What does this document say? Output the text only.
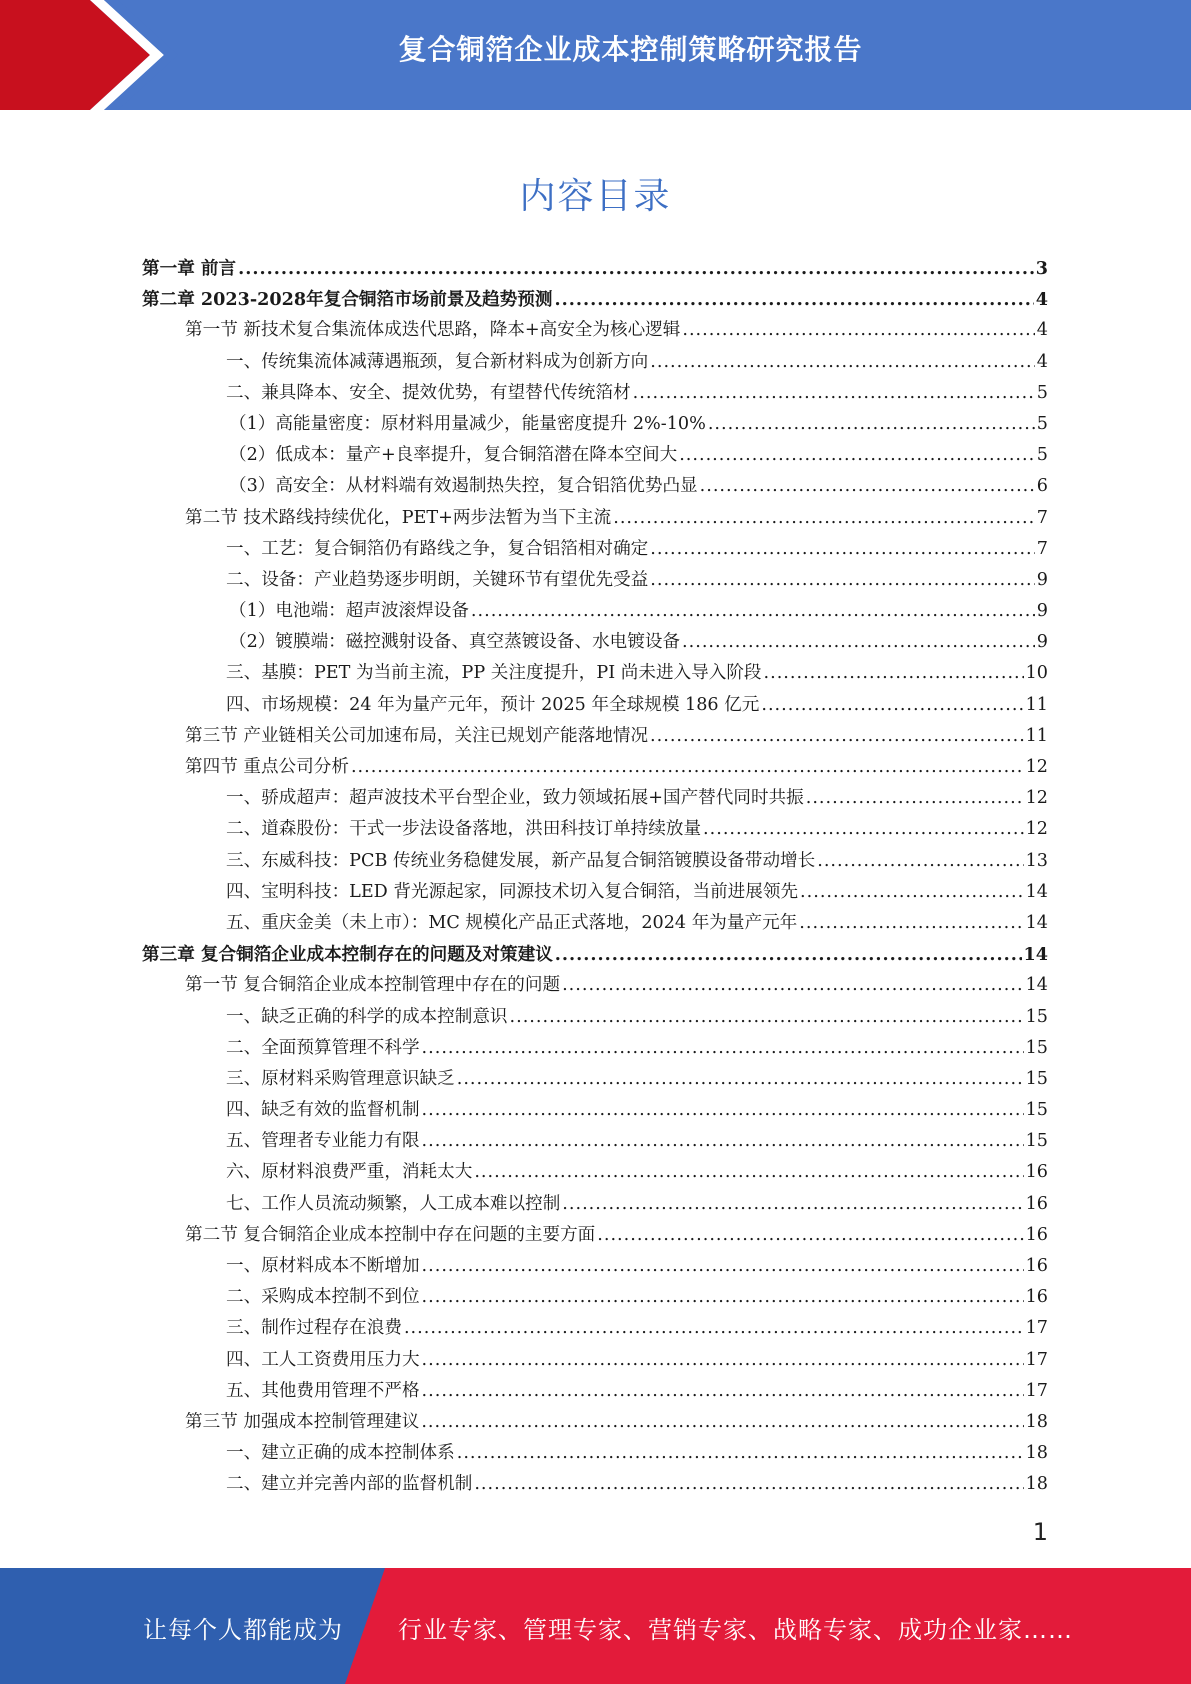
复合铜箔企业成本控制策略研究报告
内容目录
第一章 前言 .....	3
第二章 2023-2028年复合铜箔市场前景及趋势预测 .....	4
第一节 新技术复合集流体成迭代思路，降本+高安全为核心逻辑 .....	4
一、传统集流体减薄遇瓶颈，复合新材料成为创新方向 .....	4
二、兼具降本、安全、提效优势，有望替代传统箔材 .....	5
（1）高能量密度：原材料用量减少，能量密度提升 2%-10% .....	5
（2）低成本：量产+良率提升，复合铜箔潜在降本空间大 .....	5
（3）高安全：从材料端有效遏制热失控，复合铝箔优势凸显 .....	6
第二节 技术路线持续优化，PET+两步法暂为当下主流 .....	7
一、工艺：复合铜箔仍有路线之争，复合铝箔相对确定 .....	7
二、设备：产业趋势逐步明朗，关键环节有望优先受益 .....	9
（1）电池端：超声波滚焊设备 .....	9
（2）镀膜端：磁控溅射设备、真空蒸镀设备、水电镀设备 .....	9
三、基膜：PET 为当前主流，PP 关注度提升，PI 尚未进入导入阶段 .....	10
四、市场规模：24 年为量产元年，预计 2025 年全球规模 186 亿元 .....	11
第三节 产业链相关公司加速布局，关注已规划产能落地情况 .....	11
第四节 重点公司分析 .....	12
一、骄成超声：超声波技术平台型企业，致力领域拓展+国产替代同时共振 .....	12
二、道森股份：干式一步法设备落地，洪田科技订单持续放量 .....	12
三、东威科技：PCB 传统业务稳健发展，新产品复合铜箔镀膜设备带动增长 .....	13
四、宝明科技：LED 背光源起家，同源技术切入复合铜箔，当前进展领先 .....	14
五、重庆金美（未上市）：MC 规模化产品正式落地，2024 年为量产元年 .....	14
第三章 复合铜箔企业成本控制存在的问题及对策建议 .....	14
第一节 复合铜箔企业成本控制管理中存在的问题 .....	14
一、缺乏正确的科学的成本控制意识 .....	15
二、全面预算管理不科学 .....	15
三、原材料采购管理意识缺乏 .....	15
四、缺乏有效的监督机制 .....	15
五、管理者专业能力有限 .....	15
六、原材料浪费严重，消耗太大 .....	16
七、工作人员流动频繁，人工成本难以控制 .....	16
第二节 复合铜箔企业成本控制中存在问题的主要方面 .....	16
一、原材料成本不断增加 .....	16
二、采购成本控制不到位 .....	16
三、制作过程存在浪费 .....	17
四、工人工资费用压力大 .....	17
五、其他费用管理不严格 .....	17
第三节 加强成本控制管理建议 .....	18
一、建立正确的成本控制体系 .....	18
二、建立并完善内部的监督机制 .....	18
1
让每个人都能成为 行业专家、管理专家、营销专家、战略专家、成功企业家……
